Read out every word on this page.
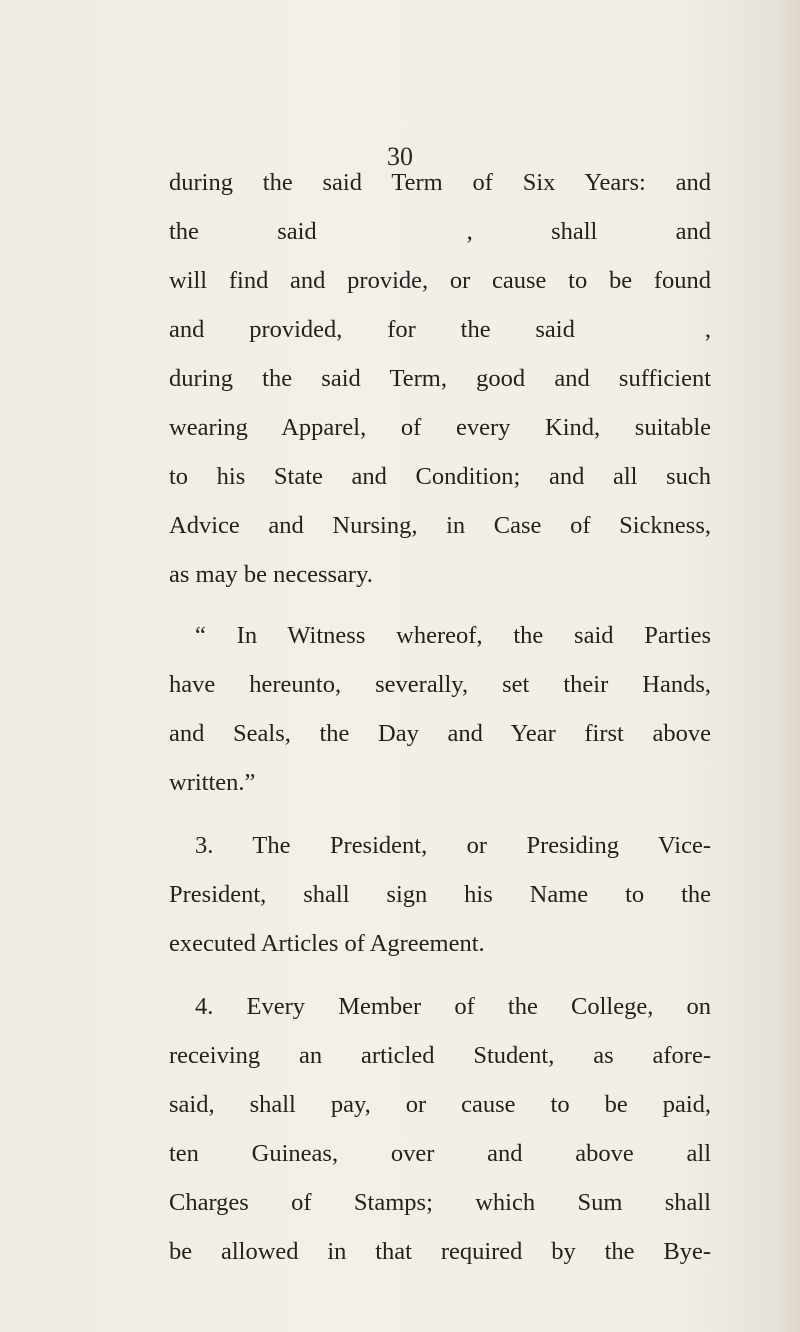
30
during the said Term of Six Years: and
the said	, shall and
will find and provide, or cause to be found
and provided, for the said	,
during the said Term, good and sufficient
wearing Apparel, of every Kind, suitable
to his State and Condition; and all such
Advice and Nursing, in Case of Sickness,
as may be necessary.
“ In Witness whereof, the said Parties
have hereunto, severally, set their Hands,
and Seals, the Day and Year first above
written.”
3. The President, or Presiding Vice-
President, shall sign his Name to the
executed Articles of Agreement.
4. Every Member of the College, on
receiving an articled Student, as afore-
said, shall pay, or cause to be paid,
ten Guineas, over and above all
Charges of Stamps; which Sum shall
be allowed in that required by the Bye-
